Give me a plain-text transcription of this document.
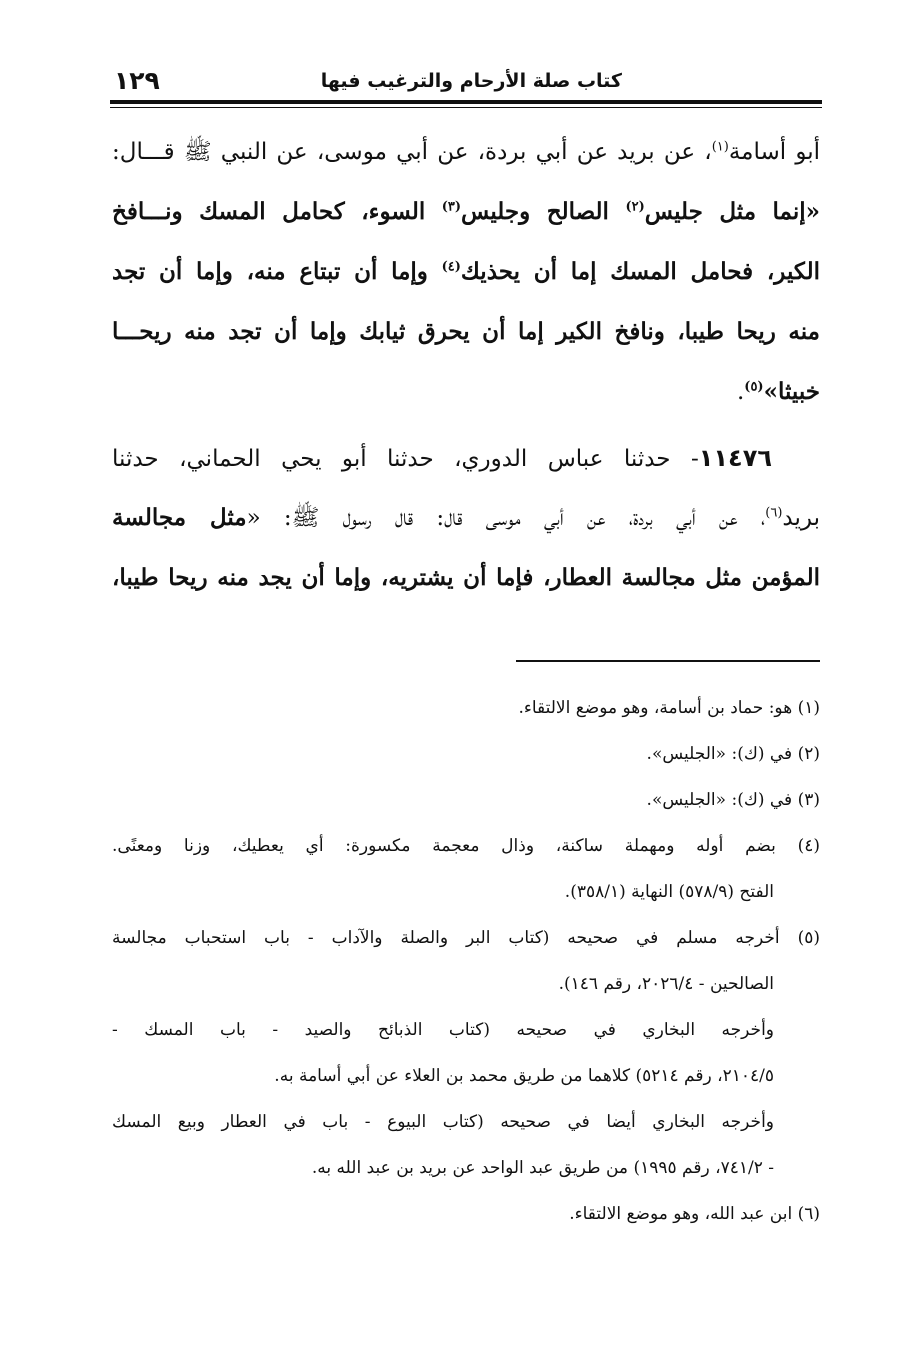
كتاب صلة الأرحام والترغيب فيها
١٢٩
أبو أسامة$^{(١)}$، عن بريد عن أبي بردة، عن أبي موسى، عن النبي ﷺ قـــال:
«إنما مثل جليس$^{(٢)}$ الصالح وجليس$^{(٣)}$ السوء، كحامل المسك ونـــافخ
الكير، فحامل المسك إما أن يحذيك$^{(٤)}$ وإما أن تبتاع منه، وإما أن تجد
منه ريحا طيبا، ونافخ الكير إما أن يحرق ثيابك وإما أن تجد منه ريحـــا
خبيثا»$^{(٥)}$.
١١٤٧٦- حدثنا عباس الدوري، حدثنا أبو يحي الحماني، حدثنا
بريد$^{(٦)}$، عن أبي بردة، عن أبي موسى قال: قال رسول ﷺ: «مثل مجالسة
المؤمن مثل مجالسة العطار، فإما أن يشتريه، وإما أن يجد منه ريحا طيبا،
(١) هو: حماد بن أسامة، وهو موضع الالتقاء.
(٢) في (ك): «الجليس».
(٣) في (ك): «الجليس».
(٤) بضم أوله ومهملة ساكنة، وذال معجمة مكسورة: أي يعطيك، وزنا ومعنًى.
الفتح (٥٧٨/٩) النهاية (٣٥٨/١).
(٥) أخرجه مسلم في صحيحه (كتاب البر والصلة والآداب - باب استحباب مجالسة
الصالحين - ٢٠٢٦/٤، رقم ١٤٦).
وأخرجه البخاري في صحيحه (كتاب الذبائح والصيد - باب المسك -
٢١٠٤/٥، رقم ٥٢١٤) كلاهما من طريق محمد بن العلاء عن أبي أسامة به.
وأخرجه البخاري أيضا في صحيحه (كتاب البيوع - باب في العطار وبيع المسك
- ٧٤١/٢، رقم ١٩٩٥) من طريق عبد الواحد عن بريد بن عبد الله به.
(٦) ابن عبد الله، وهو موضع الالتقاء.
